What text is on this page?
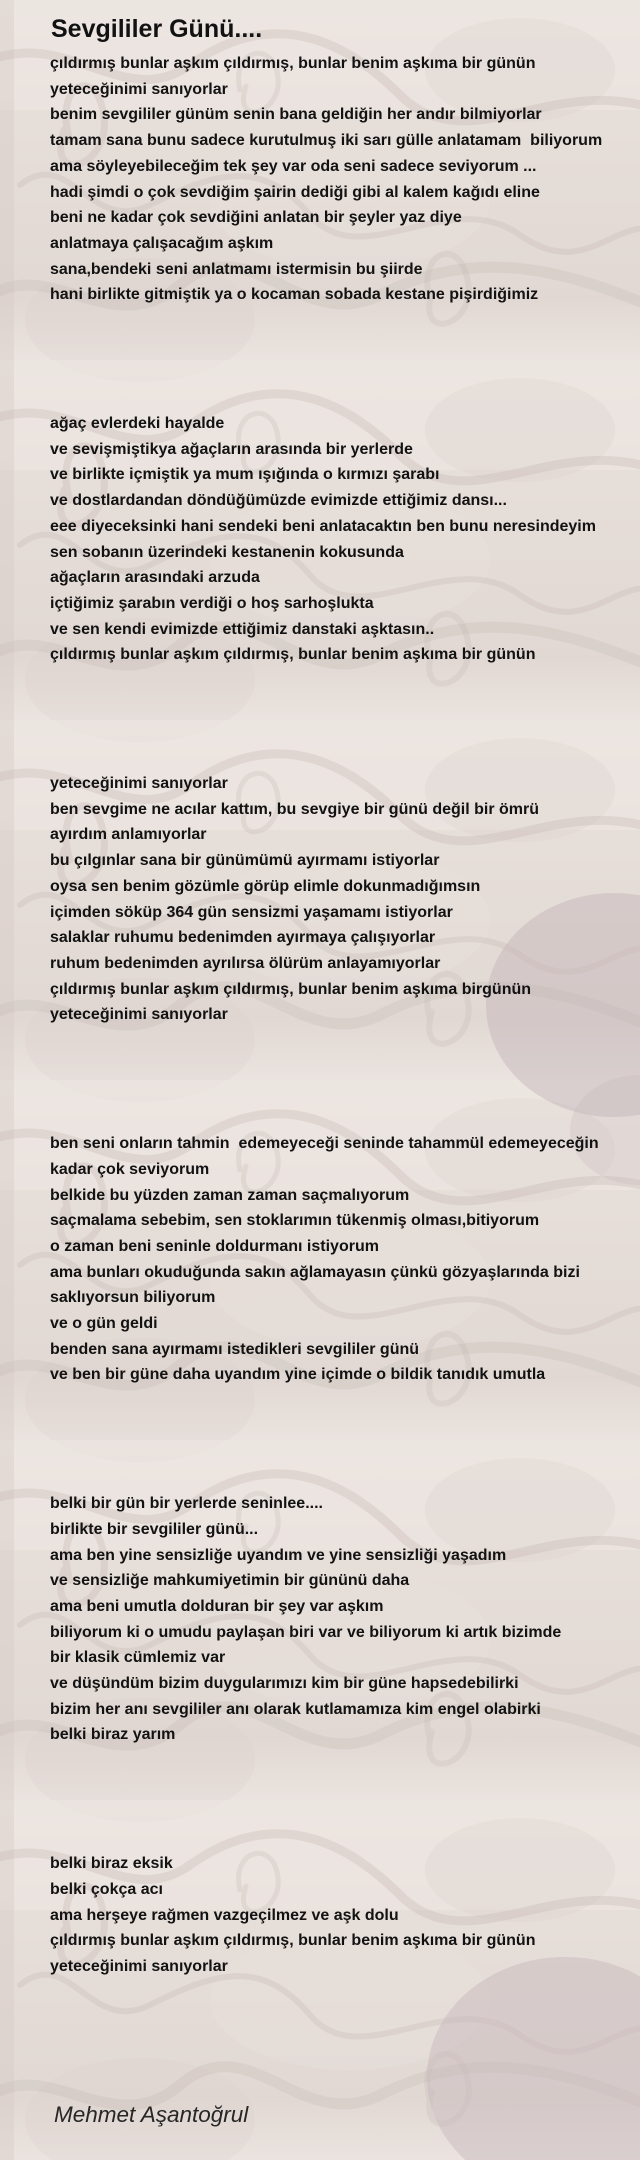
Sevgililer Günü....
çıldırmış bunlar aşkım çıldırmış, bunlar benim aşkıma bir günün
yeteceğinimi sanıyorlar
benim sevgililer günüm senin bana geldiğin her andır bilmiyorlar
tamam sana bunu sadece kurutulmuş iki sarı gülle anlatamam  biliyorum
ama söyleyebileceğim tek şey var oda seni sadece seviyorum ...
hadi şimdi o çok sevdiğim şairin dediği gibi al kalem kağıdı eline
beni ne kadar çok sevdiğini anlatan bir şeyler yaz diye
anlatmaya çalışacağım aşkım
sana,bendeki seni anlatmamı istermisin bu şiirde
hani birlikte gitmiştik ya o kocaman sobada kestane pişirdiğimiz
ağaç evlerdeki hayalde
ve sevişmiştikya ağaçların arasında bir yerlerde
ve birlikte içmiştik ya mum ışığında o kırmızı şarabı
ve dostlardandan döndüğümüzde evimizde ettiğimiz dansı...
eee diyeceksinki hani sendeki beni anlatacaktın ben bunu neresindeyim
sen sobanın üzerindeki kestanenin kokusunda
ağaçların arasındaki arzuda
içtiğimiz şarabın verdiği o hoş sarhoşlukta
ve sen kendi evimizde ettiğimiz danstaki aşktasın..
çıldırmış bunlar aşkım çıldırmış, bunlar benim aşkıma bir günün
yeteceğinimi sanıyorlar
ben sevgime ne acılar kattım, bu sevgiye bir günü değil bir ömrü
ayırdım anlamıyorlar
bu çılgınlar sana bir günümümü ayırmamı istiyorlar
oysa sen benim gözümle görüp elimle dokunmadığımsın
içimden söküp 364 gün sensizmi yaşamamı istiyorlar
salaklar ruhumu bedenimden ayırmaya çalışıyorlar
ruhum bedenimden ayrılırsa ölürüm anlayamıyorlar
çıldırmış bunlar aşkım çıldırmış, bunlar benim aşkıma birgünün
yeteceğinimi sanıyorlar
ben seni onların tahmin  edemeyeceği seninde tahammül edemeyeceğin
kadar çok seviyorum
belkide bu yüzden zaman zaman saçmalıyorum
saçmalama sebebim, sen stoklarımın tükenmiş olması,bitiyorum
o zaman beni seninle doldurmanı istiyorum
ama bunları okuduğunda sakın ağlamayasın çünkü gözyaşlarında bizi
saklıyorsun biliyorum
ve o gün geldi
benden sana ayırmamı istedikleri sevgililer günü
ve ben bir güne daha uyandım yine içimde o bildik tanıdık umutla
belki bir gün bir yerlerde seninlee....
birlikte bir sevgililer günü...
ama ben yine sensizliğe uyandım ve yine sensizliği yaşadım
ve sensizliğe mahkumiyetimin bir gününü daha
ama beni umutla dolduran bir şey var aşkım
biliyorum ki o umudu paylaşan biri var ve biliyorum ki artık bizimde
bir klasik cümlemiz var
ve düşündüm bizim duygularımızı kim bir güne hapsedebilirki
bizim her anı sevgililer anı olarak kutlamamıza kim engel olabirki
belki biraz yarım
belki biraz eksik
belki çokça acı
ama herşeye rağmen vazgeçilmez ve aşk dolu
çıldırmış bunlar aşkım çıldırmış, bunlar benim aşkıma bir günün
yeteceğinimi sanıyorlar
Mehmet Aşantoğrul
